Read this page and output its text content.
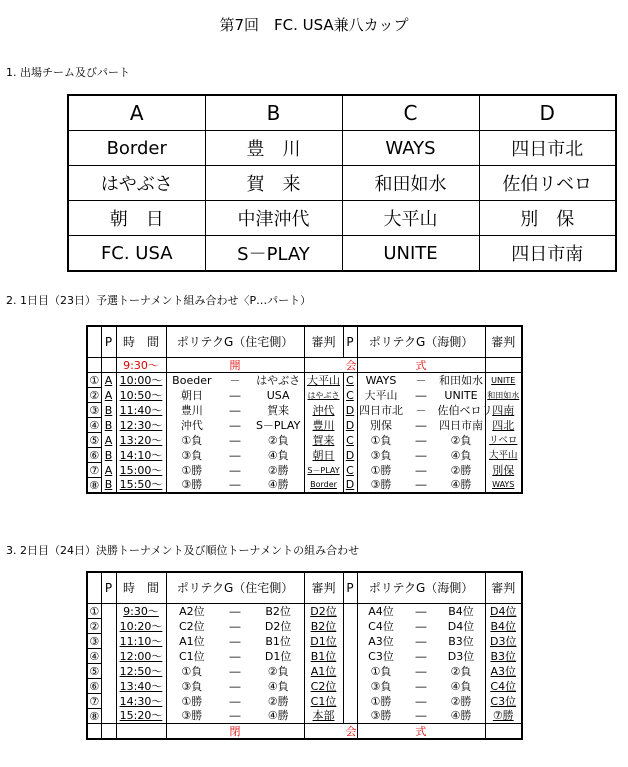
第7回　FC. USA兼八カップ
1. 出場チーム及びパート
A	B	C	D
Border	豊　川	WAYS	四日市北
はやぶさ	賀　来	和田如水	佐伯リベロ
朝　日	中津沖代	大平山	別　保
FC. USA	S－PLAY	UNITE	四日市南
2. 1日目（23日）予選トーナメント組み合わせ〈P…パート）
	P	時　間	ポリテクG（住宅側）	審判	P	ポリテクG（海側）	審判
		9:30～	開	会		式	
①	A	10:00～	Boeder － はやぶさ	大平山	C	WAYS － 和田如水	UNITE
②	A	10:50～	朝日 ― USA	はやぶさ	C	大平山 ― UNITE	和田如水
③	B	11:40～	豊川 ― 賀来	沖代	D	四日市北 － 佐伯ベロリ	四南
④	B	12:30～	沖代 ― S－PLAY	豊川	D	別保 ― 四日市南	四北
⑤	A	13:20～	①負 ― ②負	賀来	C	①負 ― ②負	リベロ
⑥	B	14:10～	③負 ― ④負	朝日	D	③負 ― ④負	大平山
⑦	A	15:00～	①勝 ― ②勝	S－PLAY	C	①勝 ― ②勝	別保
⑧	B	15:50～	③勝 ― ④勝	Border	D	③勝 ― ④勝	WAYS
3. 2日目（24日）決勝トーナメント及び順位トーナメントの組み合わせ
	P	時　間	ポリテクG（住宅側）	審判	P	ポリテクG（海側）	審判
①		9:30～	A2位 ― B2位	D2位		A4位 ― B4位	D4位
②		10:20～	C2位 ― D2位	B2位		C4位 ― D4位	B4位
③		11:10～	A1位 ― B1位	D1位		A3位 ― B3位	D3位
④		12:00～	C1位 ― D1位	B1位		C3位 ― D3位	B3位
⑤		12:50～	①負 ― ②負	A1位		①負 ― ②負	A3位
⑥		13:40～	③負 ― ④負	C2位		③負 ― ④負	C4位
⑦		14:30～	①勝 ― ②勝	C1位		①勝 ― ②勝	C3位
⑧		15:20～	③勝 ― ④勝	本部		③勝 ― ④勝	⑦勝
			閉	会		式	
